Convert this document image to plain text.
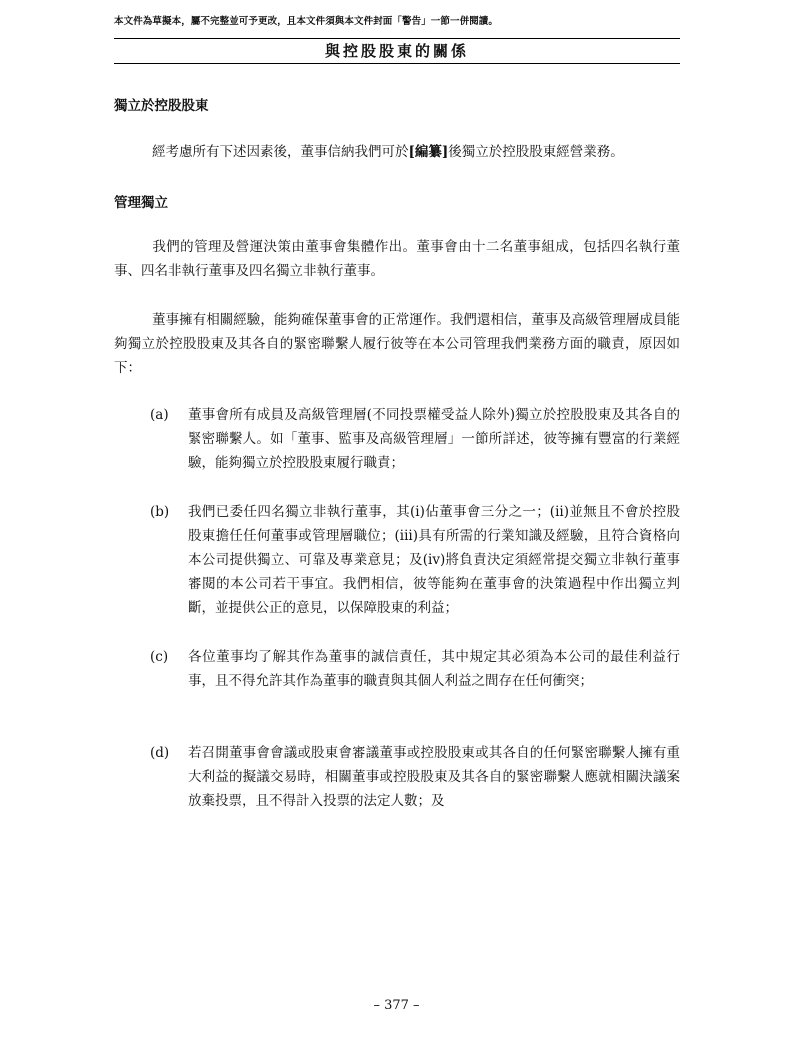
本文件為草擬本，屬不完整並可予更改，且本文件須與本文件封面「警告」一節一併閱讀。
與控股股東的關係
獨立於控股股東
經考慮所有下述因素後，董事信納我們可於[編纂]後獨立於控股股東經營業務。
管理獨立
我們的管理及營運決策由董事會集體作出。董事會由十二名董事組成，包括四名執行董事、四名非執行董事及四名獨立非執行董事。
董事擁有相關經驗，能夠確保董事會的正常運作。我們還相信，董事及高級管理層成員能夠獨立於控股股東及其各自的緊密聯繫人履行彼等在本公司管理我們業務方面的職責，原因如下：
(a)	董事會所有成員及高級管理層(不同投票權受益人除外)獨立於控股股東及其各自的緊密聯繫人。如「董事、監事及高級管理層」一節所詳述，彼等擁有豐富的行業經驗，能夠獨立於控股股東履行職責；
(b)	我們已委任四名獨立非執行董事，其(i)佔董事會三分之一；(ii)並無且不會於控股股東擔任任何董事或管理層職位；(iii)具有所需的行業知識及經驗，且符合資格向本公司提供獨立、可靠及專業意見；及(iv)將負責決定須經常提交獨立非執行董事審閱的本公司若干事宜。我們相信，彼等能夠在董事會的決策過程中作出獨立判斷，並提供公正的意見，以保障股東的利益；
(c)	各位董事均了解其作為董事的誠信責任，其中規定其必須為本公司的最佳利益行事，且不得允許其作為董事的職責與其個人利益之間存在任何衝突；
(d)	若召開董事會會議或股東會審議董事或控股股東或其各自的任何緊密聯繫人擁有重大利益的擬議交易時，相關董事或控股股東及其各自的緊密聯繫人應就相關決議案放棄投票，且不得計入投票的法定人數；及
– 377 –
